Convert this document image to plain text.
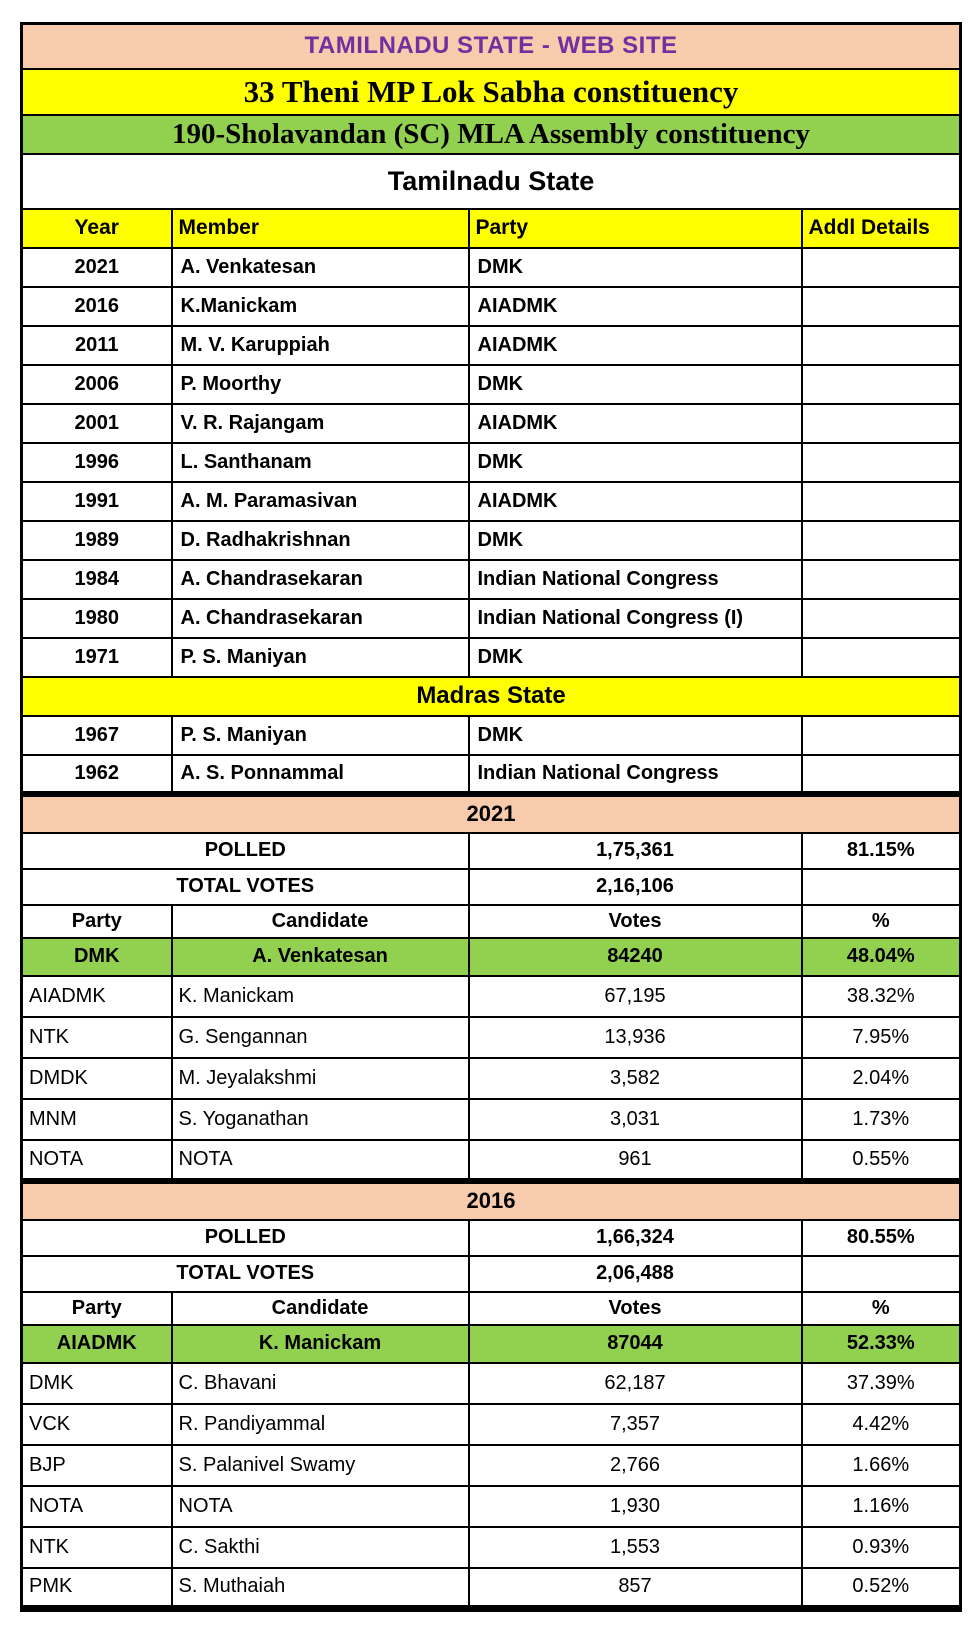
TAMILNADU STATE - WEB SITE			
33 Theni MP Lok Sabha constituency			
190-Sholavandan (SC) MLA Assembly constituency			
Tamilnadu State			
Year	Member	Party	Addl Details
2021	A. Venkatesan	DMK	
2016	K.Manickam	AIADMK	
2011	M. V. Karuppiah	AIADMK	
2006	P. Moorthy	DMK	
2001	V. R. Rajangam	AIADMK	
1996	L. Santhanam	DMK	
1991	A. M. Paramasivan	AIADMK	
1989	D. Radhakrishnan	DMK	
1984	A. Chandrasekaran	Indian National Congress	
1980	A. Chandrasekaran	Indian National Congress (I)	
1971	P. S. Maniyan	DMK	
Madras State			
1967	P. S. Maniyan	DMK	
1962	A. S. Ponnammal	Indian National Congress	
2021			
POLLED		1,75,361	81.15%
TOTAL VOTES		2,16,106	
Party	Candidate	Votes	%
DMK	A. Venkatesan	84240	48.04%
AIADMK	K. Manickam	67,195	38.32%
NTK	G. Sengannan	13,936	7.95%
DMDK	M. Jeyalakshmi	3,582	2.04%
MNM	S. Yoganathan	3,031	1.73%
NOTA	NOTA	961	0.55%
2016			
POLLED		1,66,324	80.55%
TOTAL VOTES		2,06,488	
Party	Candidate	Votes	%
AIADMK	K. Manickam	87044	52.33%
DMK	C. Bhavani	62,187	37.39%
VCK	R. Pandiyammal	7,357	4.42%
BJP	S. Palanivel Swamy	2,766	1.66%
NOTA	NOTA	1,930	1.16%
NTK	C. Sakthi	1,553	0.93%
PMK	S. Muthaiah	857	0.52%
